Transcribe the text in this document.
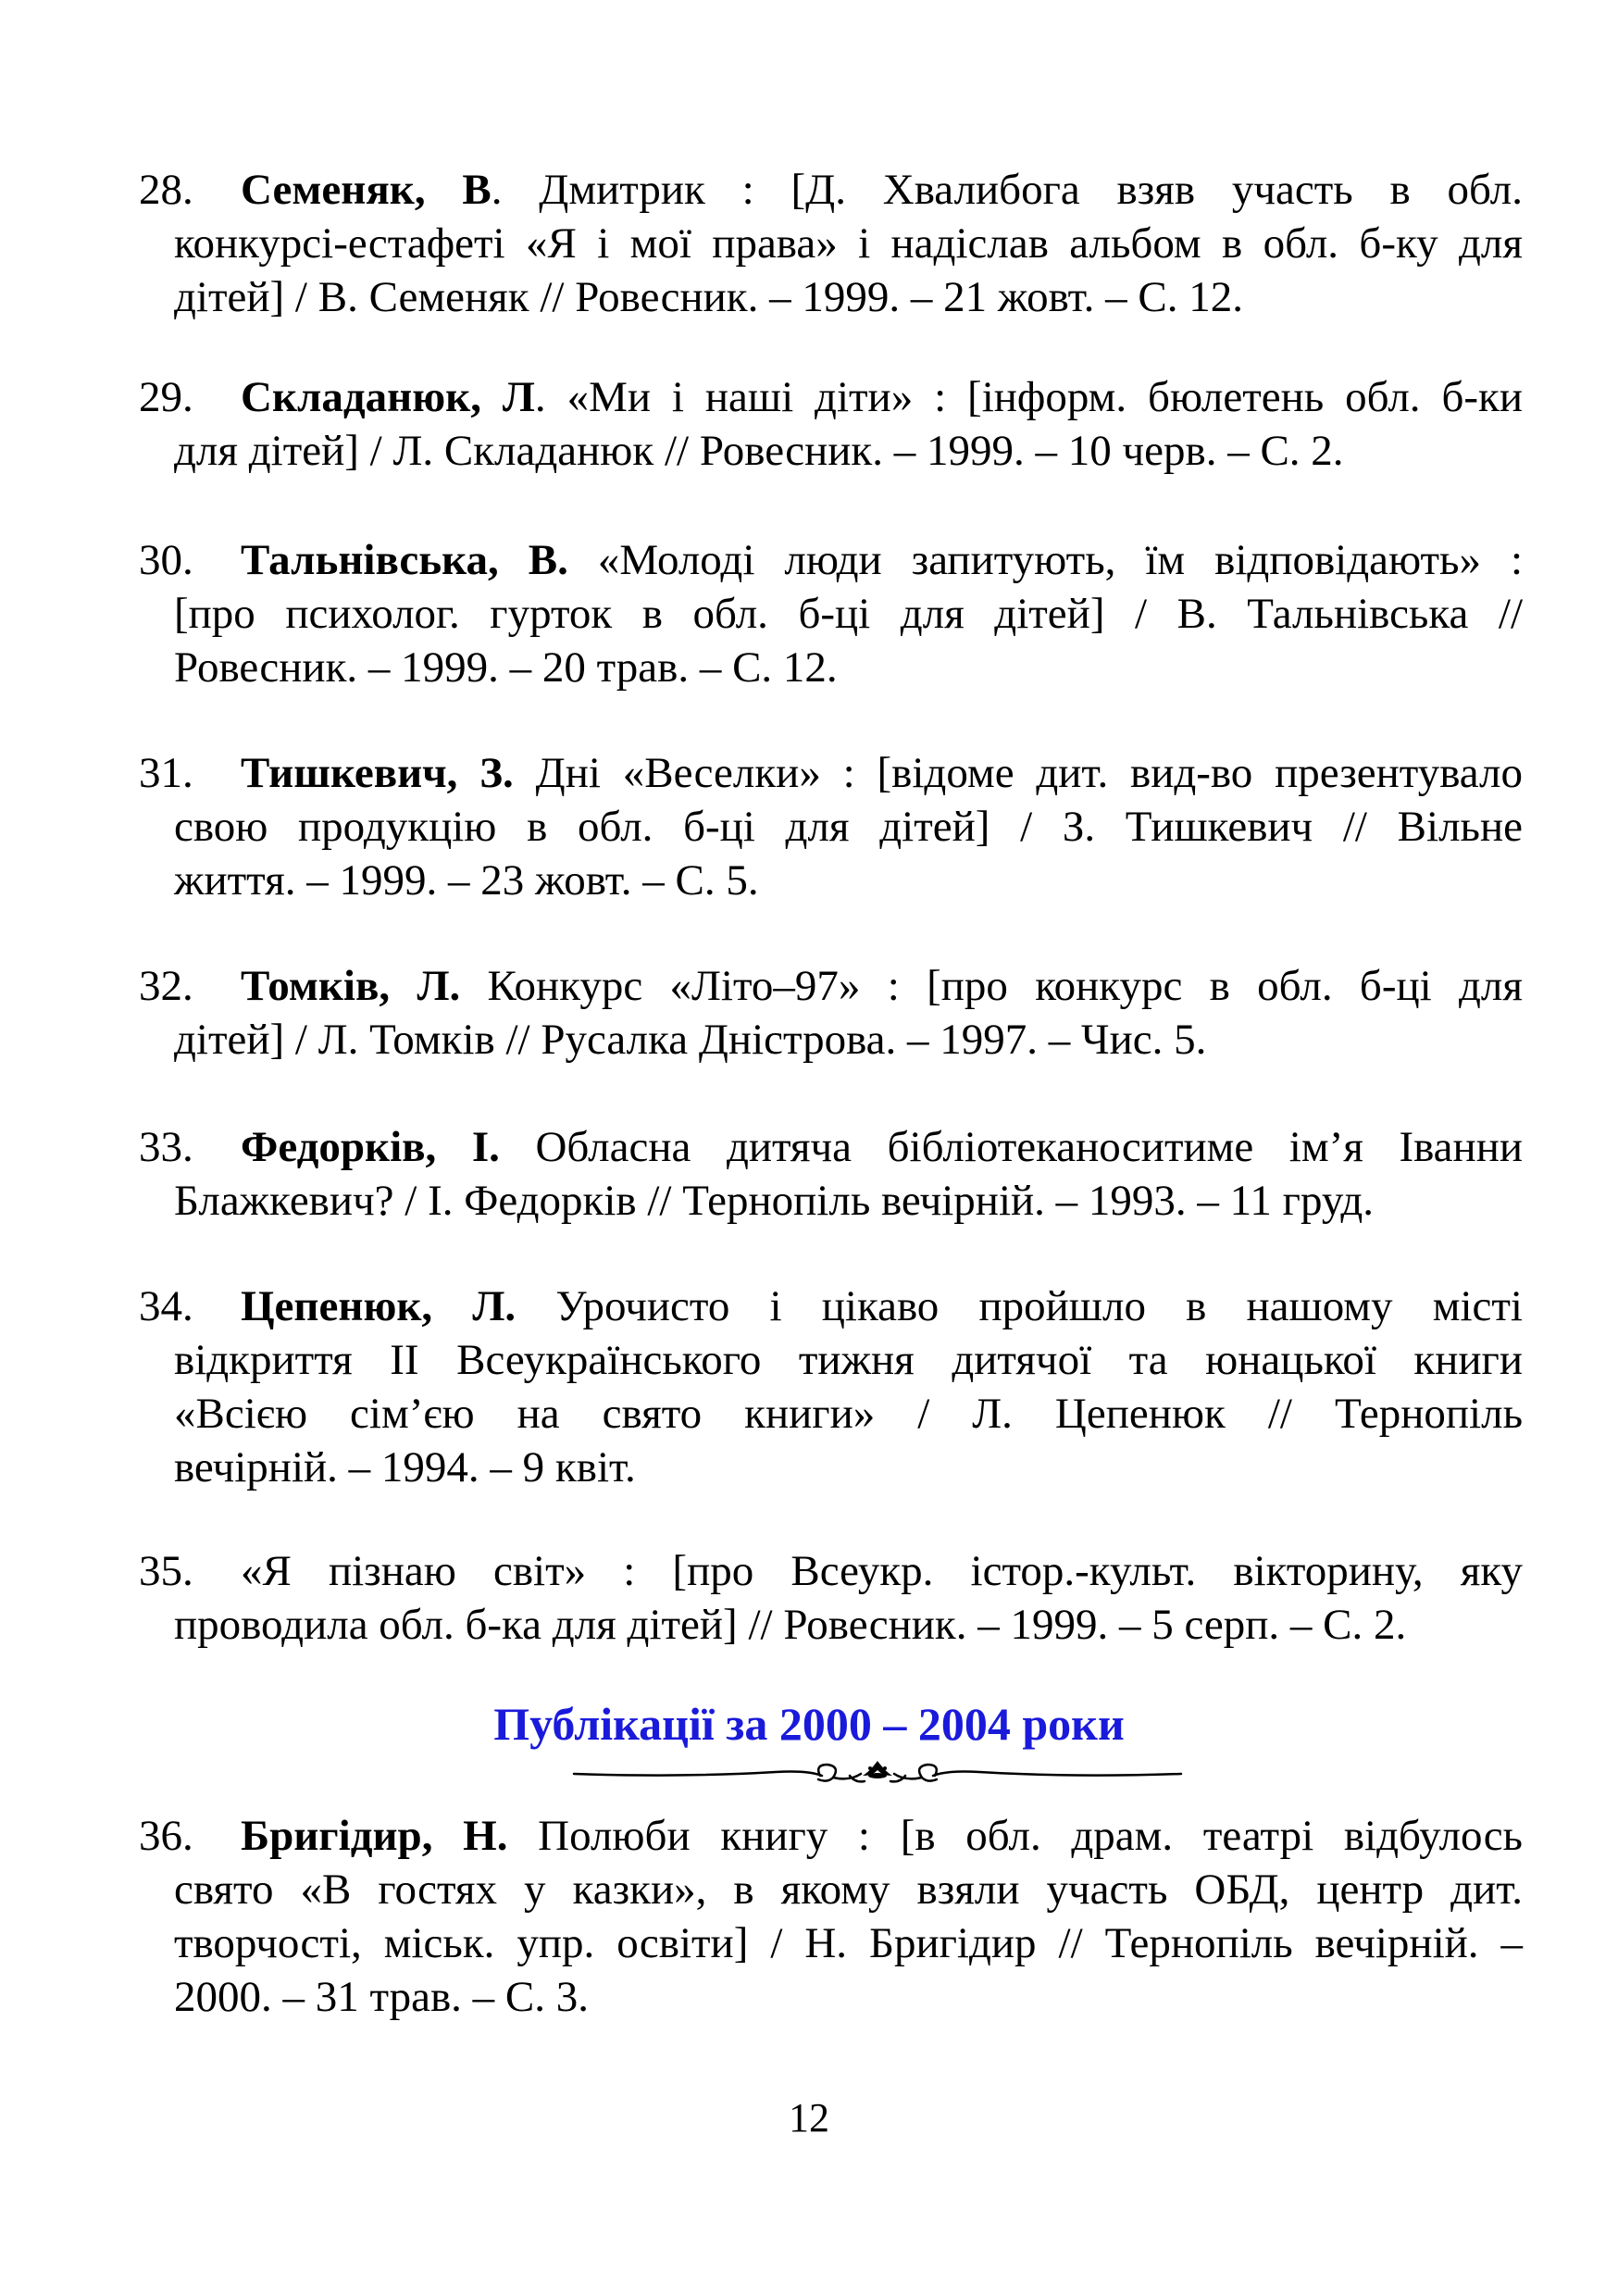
28. Семеняк, В. Дмитрик : [Д. Хвалибога взяв участь в обл.
конкурсі-естафеті «Я і мої права» і надіслав альбом в обл. б-ку для
дітей] / В. Семеняк // Ровесник. – 1999. – 21 жовт. – С. 12.
29. Складанюк, Л. «Ми і наші діти» : [інформ. бюлетень обл. б-ки
для дітей] / Л. Складанюк // Ровесник. – 1999. – 10 черв. – С. 2.
30. Тальнівська, В. «Молоді люди запитують, їм відповідають» :
[про психолог. гурток в обл. б-ці для дітей] / В. Тальнівська //
Ровесник. – 1999. – 20 трав. – С. 12.
31. Тишкевич, З. Дні «Веселки» : [відоме дит. вид-во презентувало
свою продукцію в обл. б-ці для дітей] / З. Тишкевич // Вільне
життя. – 1999. – 23 жовт. – С. 5.
32. Томків, Л. Конкурс «Літо–97» : [про конкурс в обл. б-ці для
дітей] / Л. Томків // Русалка Дністрова. – 1997. – Чис. 5.
33. Федорків, І. Обласна дитяча бібліотеканоситиме ім’я Іванни
Блажкевич? / І. Федорків // Тернопіль вечірній. – 1993. – 11 груд.
34. Цепенюк, Л. Урочисто і цікаво пройшло в нашому місті
відкриття II Всеукраїнського тижня дитячої та юнацької книги
«Всією сім’єю на свято книги» / Л. Цепенюк // Тернопіль
вечірній. – 1994. – 9 квіт.
35. «Я пізнаю світ» : [про Всеукр. істор.-культ. вікторину, яку
проводила обл. б-ка для дітей] // Ровесник. – 1999. – 5 серп. – С. 2.
Публікації за 2000 – 2004 роки
36. Бригідир, Н. Полюби книгу : [в обл. драм. театрі відбулось
свято «В гостях у казки», в якому взяли участь ОБД, центр дит.
творчості, міськ. упр. освіти] / Н. Бригідир // Тернопіль вечірній. –
2000. – 31 трав. – С. 3.
12
